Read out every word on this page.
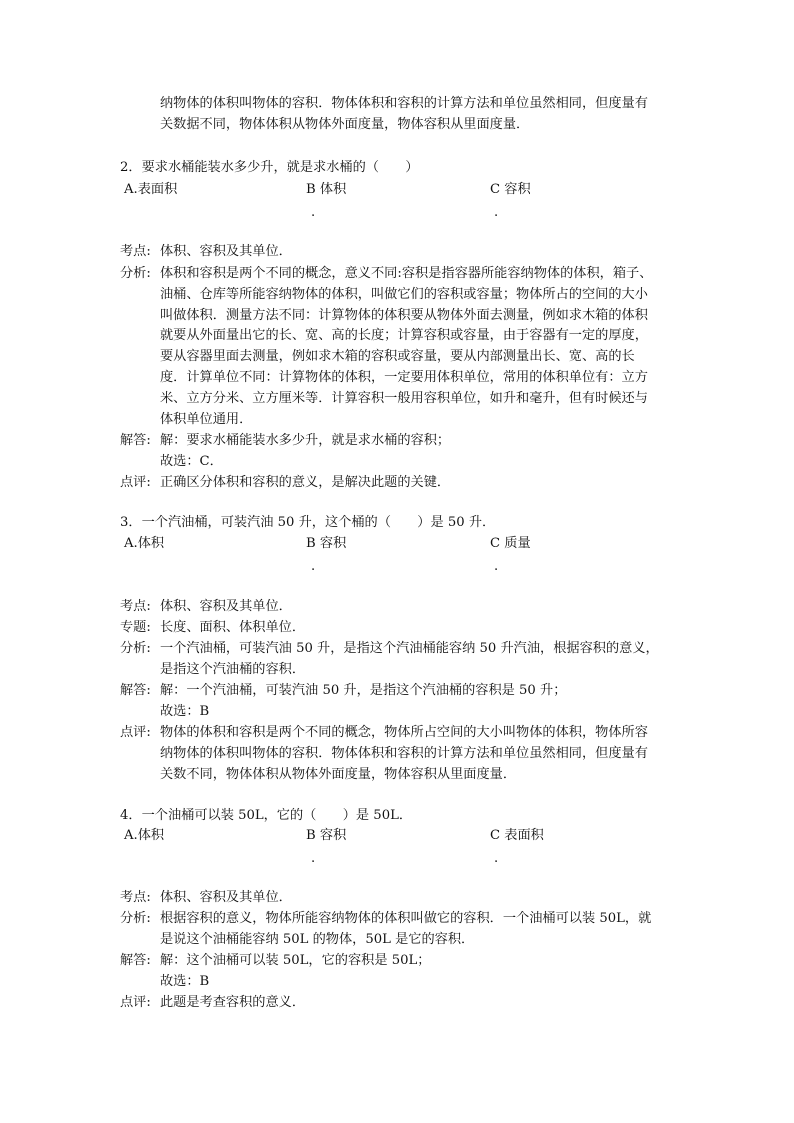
纳物体的体积叫物体的容积．物体体积和容积的计算方法和单位虽然相同，但度量有
关数据不同，物体体积从物体外面度量，物体容积从里面度量．
2．要求水桶能装水多少升，就是求水桶的（　　）
A.表面积	B 体积	C 容积
.	.
考点: 体积、容积及其单位．
分析: 体积和容积是两个不同的概念，意义不同:容积是指容器所能容纳物体的体积，箱子、
油桶、仓库等所能容纳物体的体积，叫做它们的容积或容量；物体所占的空间的大小
叫做体积．测量方法不同：计算物体的体积要从物体外面去测量，例如求木箱的体积
就要从外面量出它的长、宽、高的长度；计算容积或容量，由于容器有一定的厚度，
要从容器里面去测量，例如求木箱的容积或容量，要从内部测量出长、宽、高的长
度．计算单位不同：计算物体的体积，一定要用体积单位，常用的体积单位有：立方
米、立方分米、立方厘米等．计算容积一般用容积单位，如升和毫升，但有时候还与
体积单位通用．
解答: 解：要求水桶能装水多少升，就是求水桶的容积；
故选：C．
点评: 正确区分体积和容积的意义，是解决此题的关键．
3．一个汽油桶，可装汽油 50 升，这个桶的（　　）是 50 升．
A.体积	B 容积	C 质量
.	.
考点: 体积、容积及其单位．
专题: 长度、面积、体积单位．
分析: 一个汽油桶，可装汽油 50 升，是指这个汽油桶能容纳 50 升汽油，根据容积的意义，
是指这个汽油桶的容积．
解答: 解：一个汽油桶，可装汽油 50 升，是指这个汽油桶的容积是 50 升；
故选：B
点评: 物体的体积和容积是两个不同的概念，物体所占空间的大小叫物体的体积，物体所容
纳物体的体积叫物体的容积．物体体积和容积的计算方法和单位虽然相同，但度量有
关数不同，物体体积从物体外面度量，物体容积从里面度量．
4．一个油桶可以装 50L，它的（　　）是 50L．
A.体积	B 容积	C 表面积
.	.
考点: 体积、容积及其单位．
分析: 根据容积的意义，物体所能容纳物体的体积叫做它的容积．一个油桶可以装 50L，就
是说这个油桶能容纳 50L 的物体，50L 是它的容积．
解答: 解：这个油桶可以装 50L，它的容积是 50L；
故选：B
点评: 此题是考查容积的意义．
